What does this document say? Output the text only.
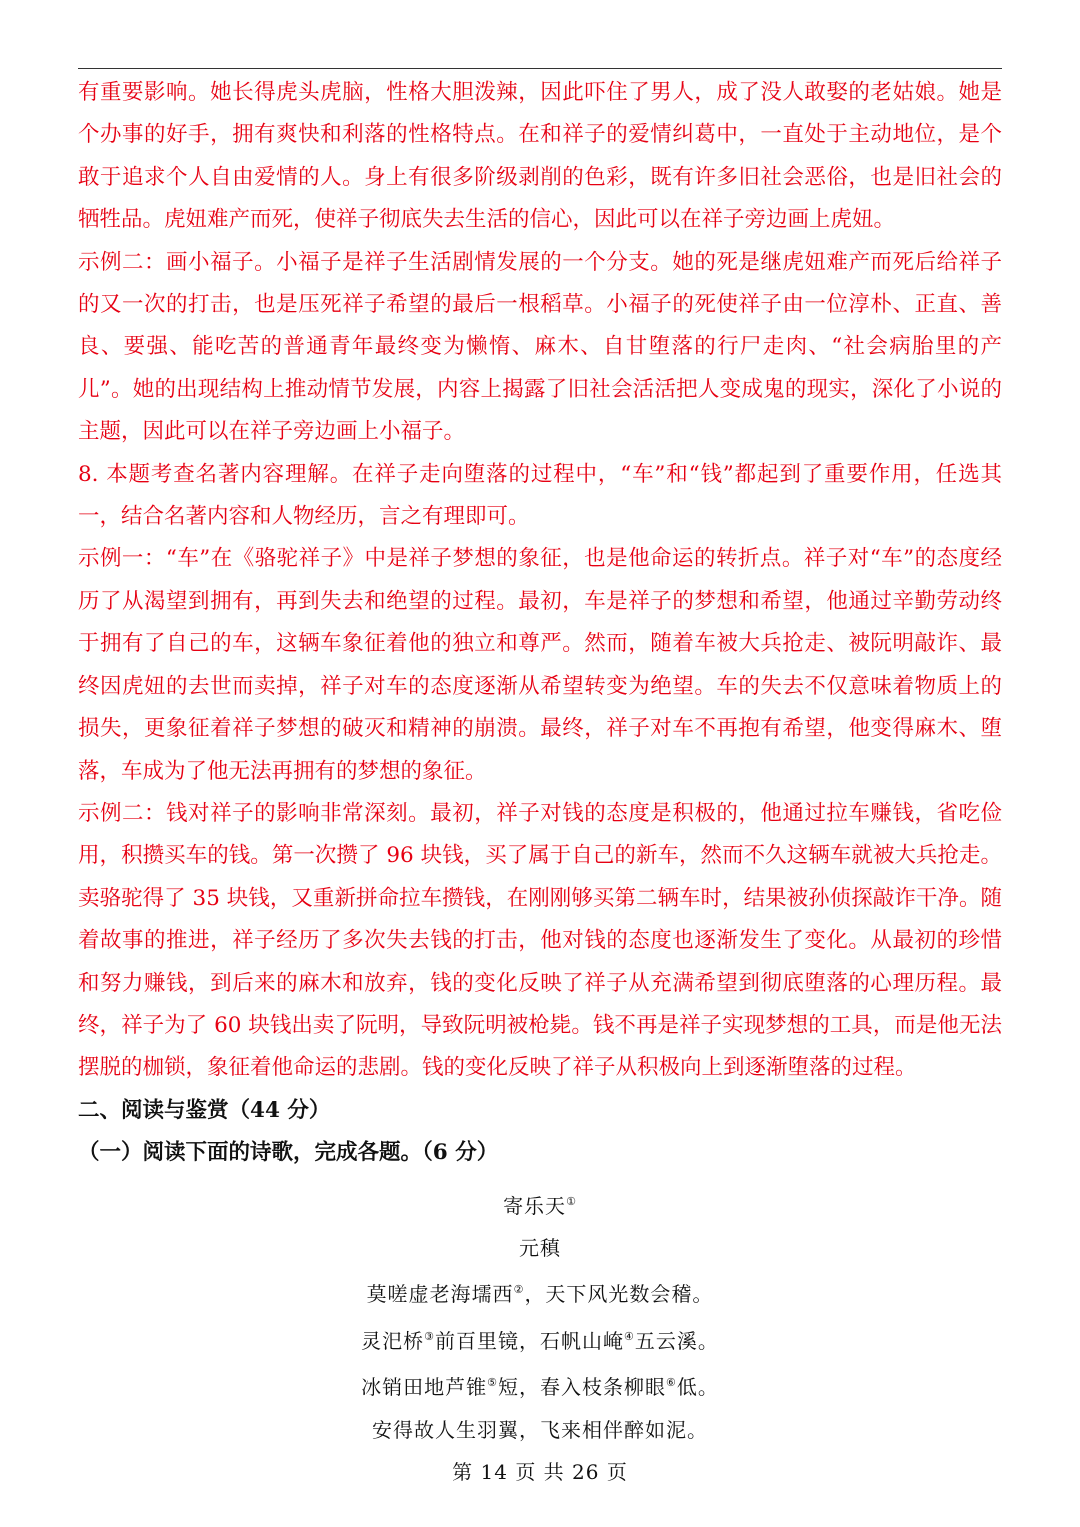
有重要影响。她长得虎头虎脑，性格大胆泼辣，因此吓住了男人，成了没人敢娶的老姑娘。她是个办事的好手，拥有爽快和利落的性格特点。在和祥子的爱情纠葛中，一直处于主动地位，是个敢于追求个人自由爱情的人。身上有很多阶级剥削的色彩，既有许多旧社会恶俗，也是旧社会的牺牲品。虎妞难产而死，使祥子彻底失去生活的信心，因此可以在祥子旁边画上虎妞。

示例二：画小福子。小福子是祥子生活剧情发展的一个分支。她的死是继虎妞难产而死后给祥子的又一次的打击，也是压死祥子希望的最后一根稻草。小福子的死使祥子由一位淳朴、正直、善良、要强、能吃苦的普通青年最终变为懒惰、麻木、自甘堕落的行尸走肉、“社会病胎里的产儿”。她的出现结构上推动情节发展，内容上揭露了旧社会活活把人变成鬼的现实，深化了小说的主题，因此可以在祥子旁边画上小福子。

8. 本题考查名著内容理解。在祥子走向堕落的过程中，“车”和“钱”都起到了重要作用，任选其一，结合名著内容和人物经历，言之有理即可。

示例一：“车”在《骆驼祥子》中是祥子梦想的象征，也是他命运的转折点。祥子对“车”的态度经历了从渴望到拥有，再到失去和绝望的过程。最初，车是祥子的梦想和希望，他通过辛勤劳动终于拥有了自己的车，这辆车象征着他的独立和尊严。然而，随着车被大兵抢走、被阮明敲诈、最终因虎妞的去世而卖掉，祥子对车的态度逐渐从希望转变为绝望。车的失去不仅意味着物质上的损失，更象征着祥子梦想的破灭和精神的崩溃。最终，祥子对车不再抱有希望，他变得麻木、堕落，车成为了他无法再拥有的梦想的象征。

示例二：钱对祥子的影响非常深刻。最初，祥子对钱的态度是积极的，他通过拉车赚钱，省吃俭用，积攒买车的钱。第一次攒了 96 块钱，买了属于自己的新车，然而不久这辆车就被大兵抢走。卖骆驼得了 35 块钱，又重新拼命拉车攒钱，在刚刚够买第二辆车时，结果被孙侦探敲诈干净。随着故事的推进，祥子经历了多次失去钱的打击，他对钱的态度也逐渐发生了变化。从最初的珍惜和努力赚钱，到后来的麻木和放弃，钱的变化反映了祥子从充满希望到彻底堕落的心理历程。最终，祥子为了 60 块钱出卖了阮明，导致阮明被枪毙。钱不再是祥子实现梦想的工具，而是他无法摆脱的枷锁，象征着他命运的悲剧。钱的变化反映了祥子从积极向上到逐渐堕落的过程。

二、阅读与鉴赏（44 分）

（一）阅读下面的诗歌，完成各题。（6 分）

寄乐天①
元稹
莫嗟虚老海壖西②，天下风光数会稽。
灵汜桥③前百里镜，石帆山崦④五云溪。
冰销田地芦锥⑤短，春入枝条柳眼⑥低。
安得故人生羽翼，飞来相伴醉如泥。
第 14 页 共 26 页
